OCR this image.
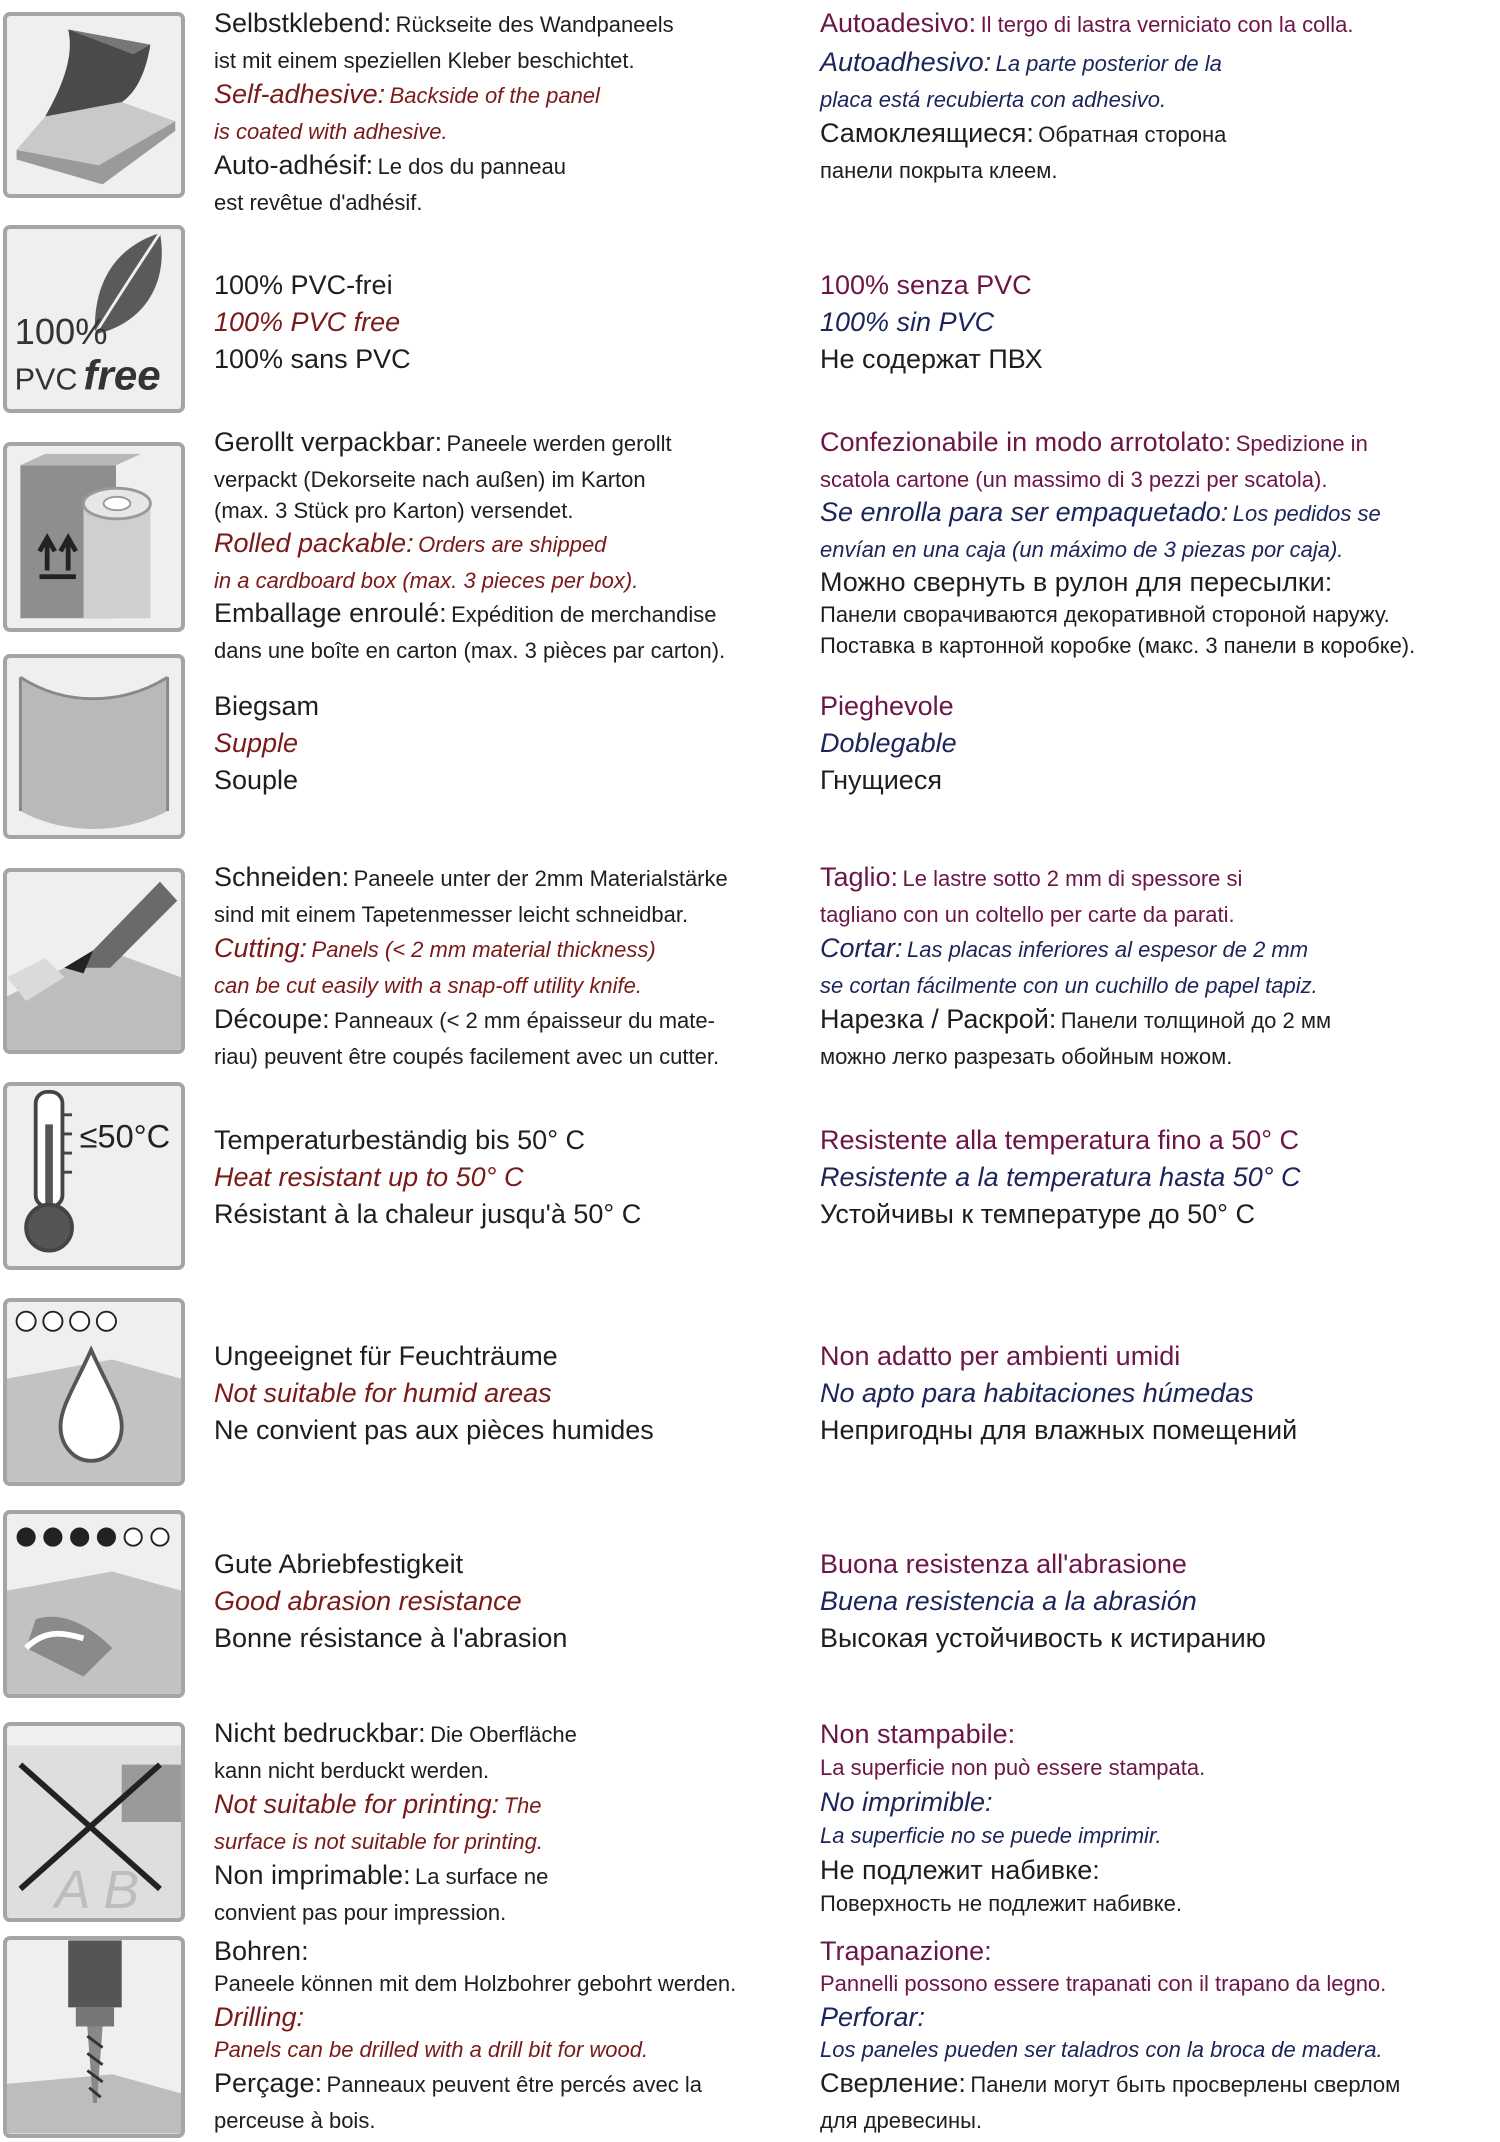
Selbstklebend: Rückseite des Wandpaneels
ist mit einem speziellen Kleber beschichtet.
Self-adhesive: Backside of the panel
is coated with adhesive.
Auto-adhésif: Le dos du panneau
est revêtue d'adhésif.
Autoadesivo: Il tergo di lastra verniciato con la colla.
Autoadhesivo: La parte posterior de la
placa está recubierta con adhesivo.
Самоклеящиеся: Обратная сторона
панели покрыта клеем.
100%
PVC free
100% PVC-frei
100% PVC free
100% sans PVC
100% senza PVC
100% sin PVC
Не содержат ПВХ
Gerollt verpackbar: Paneele werden gerollt
verpackt (Dekorseite nach außen) im Karton
(max. 3 Stück pro Karton) versendet.
Rolled packable: Orders are shipped
in a cardboard box (max. 3 pieces per box).
Emballage enroulé: Expédition de merchandise
dans une boîte en carton (max. 3 pièces par carton).
Confezionabile in modo arrotolato: Spedizione in
scatola cartone (un massimo di 3 pezzi per scatola).
Se enrolla para ser empaquetado: Los pedidos se
envían en una caja (un máximo de 3 piezas por caja).
Можно свернуть в рулон для пересылки:
Панели сворачиваются декоративной стороной наружу.
Поставка в картонной коробке (макс. 3 панели в коробке).
Biegsam
Supple
Souple
Pieghevole
Doblegable
Гнущиеся
Schneiden: Paneele unter der 2mm Materialstärke
sind mit einem Tapetenmesser leicht schneidbar.
Cutting: Panels (< 2 mm material thickness)
can be cut easily with a snap-off utility knife.
Découpe: Panneaux (< 2 mm épaisseur du mate-
riau) peuvent être coupés facilement avec un cutter.
Taglio: Le lastre sotto 2 mm di spessore si
tagliano con un coltello per carte da parati.
Cortar: Las placas inferiores al espesor de 2 mm
se cortan fácilmente con un cuchillo de papel tapiz.
Нарезка / Раскрой: Панели толщиной до 2 мм
можно легко разрезать обойным ножом.
≤50°C Temperaturbeständig bis 50° C
Heat resistant up to 50° C
Résistant à la chaleur jusqu'à 50° C
Resistente alla temperatura fino a 50° C
Resistente a la temperatura hasta 50° C
Устойчивы к температуре до 50° C
Ungeeignet für Feuchträume
Not suitable for humid areas
Ne convient pas aux pièces humides
Non adatto per ambienti umidi
No apto para habitaciones húmedas
Непригодны для влажных помещений
Gute Abriebfestigkeit
Good abrasion resistance
Bonne résistance à l'abrasion
Buona resistenza all'abrasione
Buena resistencia a la abrasión
Высокая устойчивость к истиранию
A B
Nicht bedruckbar: Die Oberfläche
kann nicht berduckt werden.
Not suitable for printing: The
surface is not suitable for printing.
Non imprimable: La surface ne
convient pas pour impression.
Non stampabile:
La superficie non può essere stampata.
No imprimible:
La superficie no se puede imprimir.
Не подлежит набивке:
Поверхность не подлежит набивке.
Bohren:
Paneele können mit dem Holzbohrer gebohrt werden.
Drilling:
Panels can be drilled with a drill bit for wood.
Perçage: Panneaux peuvent être percés avec la
perceuse à bois.
Trapanazione:
Pannelli possono essere trapanati con il trapano da legno.
Perforar:
Los paneles pueden ser taladros con la broca de madera.
Сверление: Панели могут быть просверлены сверлом
для древесины.
